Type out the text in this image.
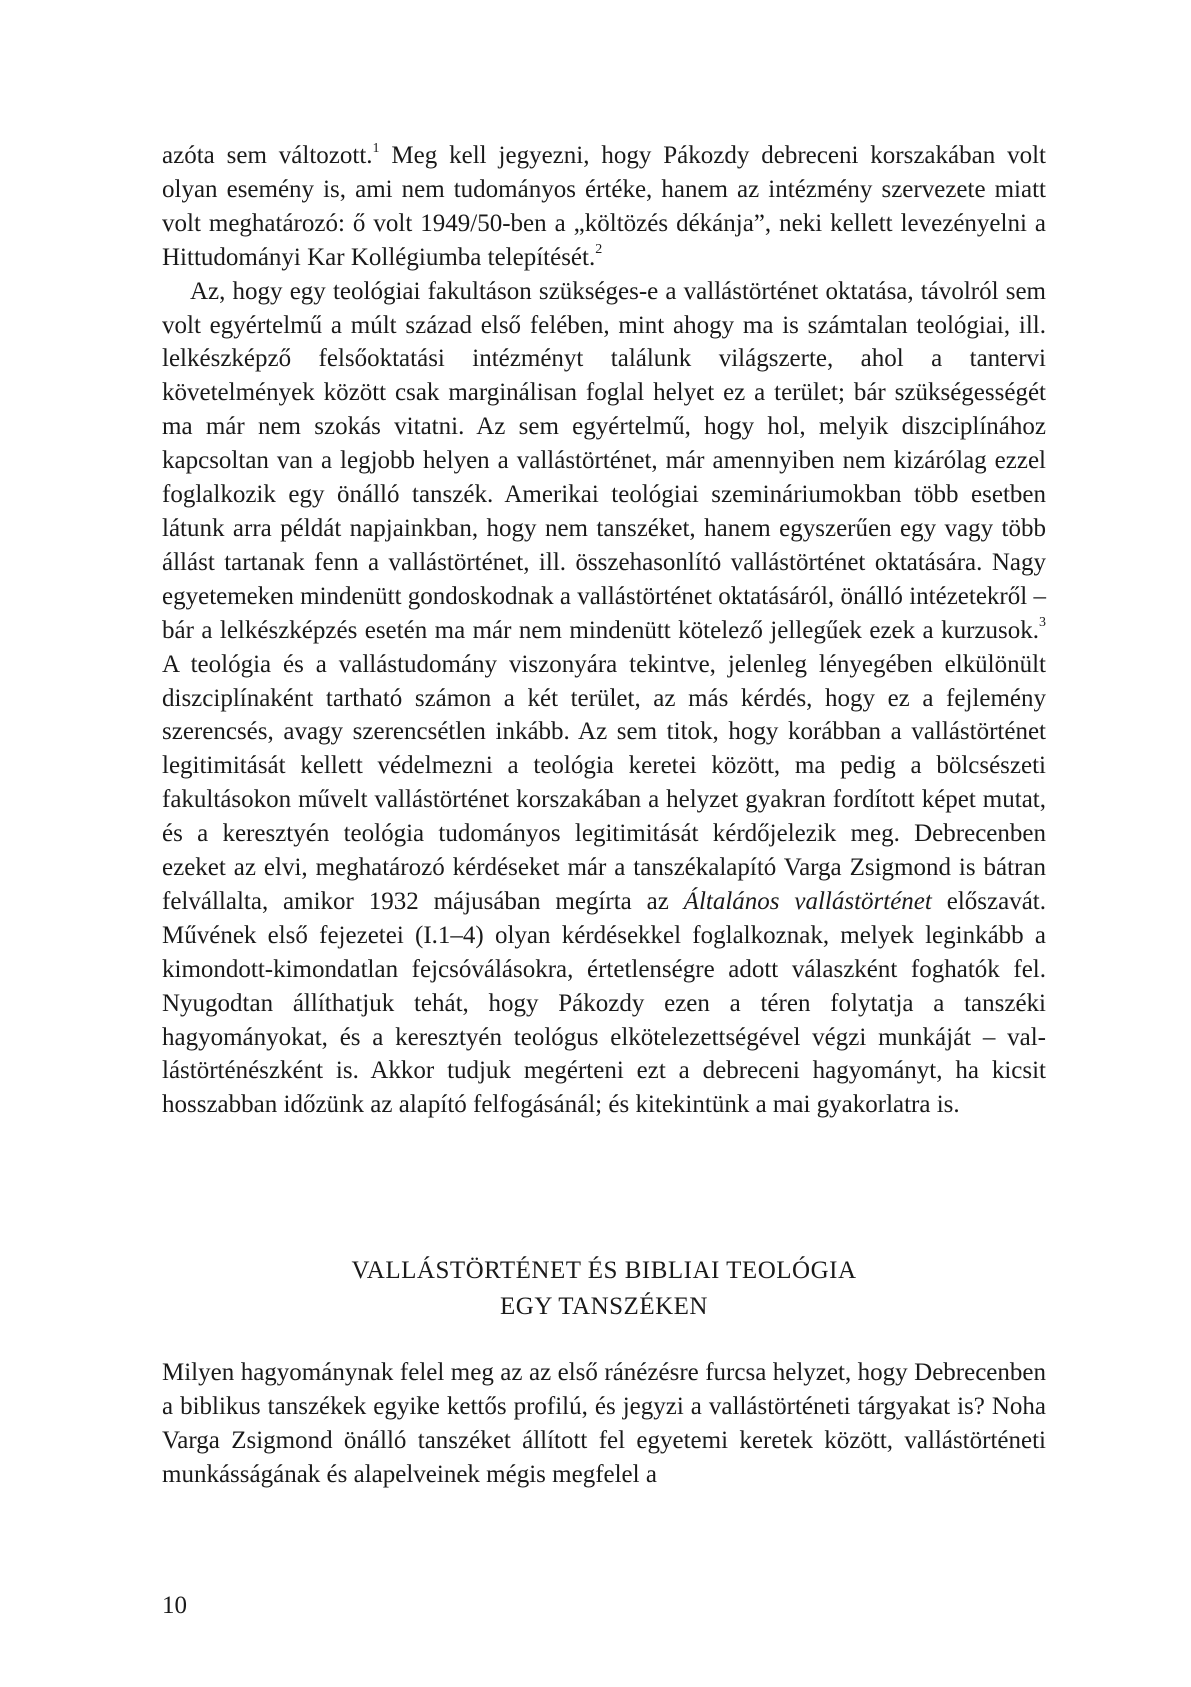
azóta sem változott.$^1$ Meg kell jegyezni, hogy Pákozdy debreceni korszakában volt olyan esemény is, ami nem tudományos értéke, hanem az intézmény szervezete miatt volt meghatározó: ő volt 1949/50-ben a „költözés dékánja”, neki kellett levezényelni a Hittudományi Kar Kollégiumba telepítését.$^2$

Az, hogy egy teológiai fakultáson szükséges-e a vallástörténet oktatása, távolról sem volt egyértelmű a múlt század első felében, mint ahogy ma is számtalan teológiai, ill. lelkészképző felsőoktatási intézményt találunk világszerte, ahol a tantervi követelmények között csak marginálisan foglal helyet ez a terület; bár szükségességét ma már nem szokás vitatni. Az sem egyértelmű, hogy hol, melyik diszciplínához kapcsoltan van a legjobb helyen a vallástörténet, már amennyiben nem kizárólag ezzel foglalkozik egy önálló tanszék. Amerikai teológiai szemináriumokban több esetben látunk arra példát napjainkban, hogy nem tanszéket, hanem egyszerűen egy vagy több állást tartanak fenn a vallástörténet, ill. összehasonlító vallástörténet oktatására. Nagy egyetemeken mindenütt gondoskodnak a vallástörténet oktatásáról, önálló intézetekről – bár a lelkészképzés esetén ma már nem mindenütt kötelező jellegűek ezek a kurzusok.$^3$ A teológia és a vallástudomány viszonyára tekintve, jelenleg lényegében elkülönült diszciplínaként tartható számon a két terület, az más kérdés, hogy ez a fejlemény szerencsés, avagy szerencsétlen inkább. Az sem titok, hogy korábban a vallástörténet legitimitását kellett védelmezni a teológia keretei között, ma pedig a bölcsészeti fakultásokon művelt vallástörténet korszakában a helyzet gyakran fordított képet mutat, és a keresztyén teológia tudományos legitimitását kérdőjelezik meg. Debrecenben ezeket az elvi, meghatározó kérdéseket már a tanszékalapító Varga Zsigmond is bátran felvállalta, amikor 1932 májusában megírta az Általános vallástörténet előszavát. Művének első fejezetei (I.1–4) olyan kérdésekkel foglalkoznak, melyek leginkább a kimondott-kimondatlan fejcsóválásokra, értetlenségre adott válaszként foghatók fel. Nyugodtan állíthatjuk tehát, hogy Pákozdy ezen a téren folytatja a tanszéki hagyományokat, és a keresztyén teológus elkötelezettségével végzi munkáját – vallástörténészként is. Akkor tudjuk megérteni ezt a debreceni hagyományt, ha kicsit hosszabban időzünk az alapító felfogásánál; és kitekintünk a mai gyakorlatra is.

VALLÁSTÖRTÉNET ÉS BIBLIAI TEOLÓGIA
EGY TANSZÉKEN

Milyen hagyománynak felel meg az az első ránézésre furcsa helyzet, hogy Debrecenben a biblikus tanszékek egyike kettős profilú, és jegyzi a vallástörténeti tárgyakat is? Noha Varga Zsigmond önálló tanszéket állított fel egyetemi keretek között, vallástörténeti munkásságának és alapelveinek mégis megfelel a

10
